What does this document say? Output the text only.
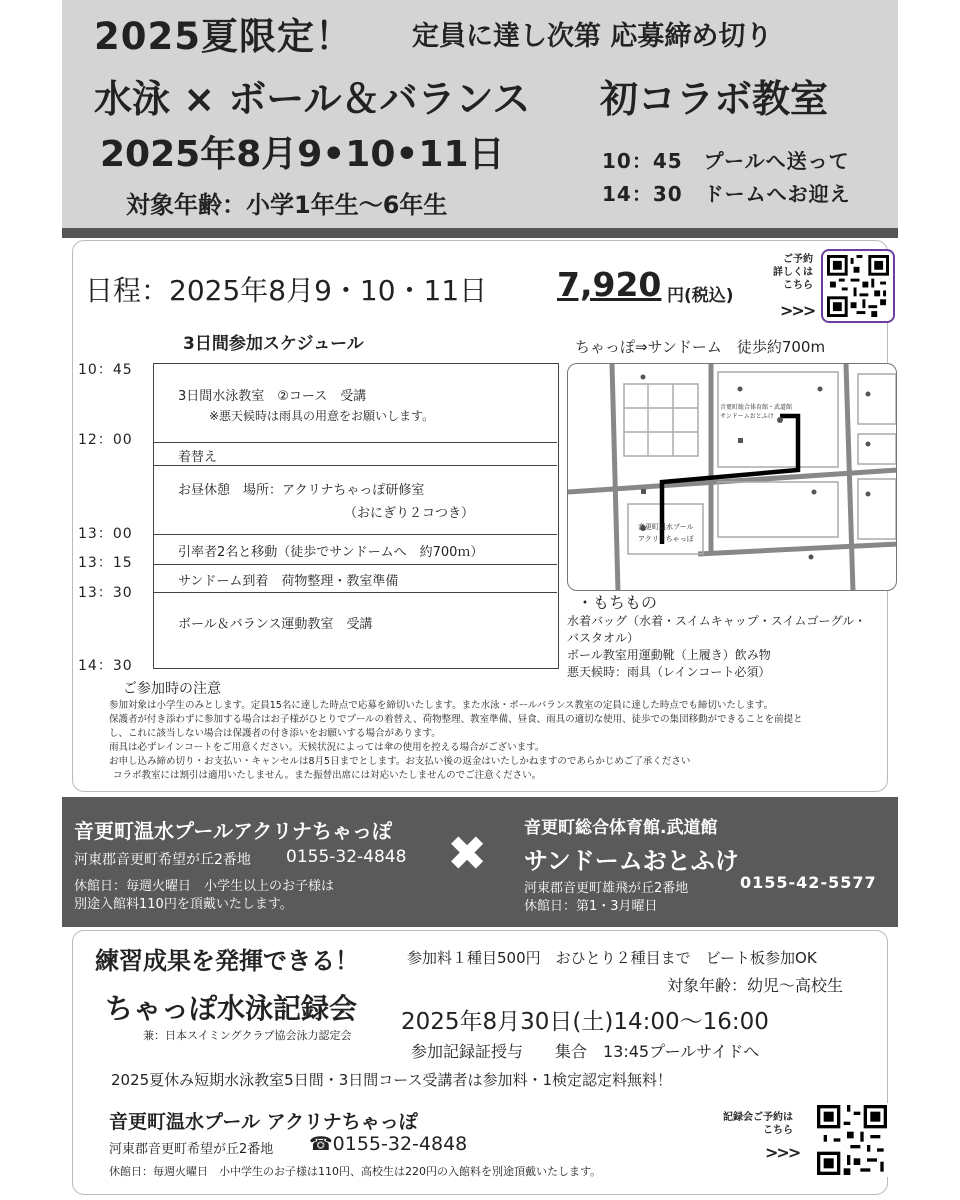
2025夏限定！ 定員に達し次第 応募締め切り
水泳 × ボール＆バランス 初コラボ教室
2025年8月9•10•11日
対象年齢：小学1年生～6年生
10：45　プールへ送って
14：30　ドームへお迎え
日程：2025年8月9・10・11日 7,920 円(税込)
ご予約
詳しくは
こちら
>>>
3日間参加スケジュール	ちゃっぽ⇒サンドーム　徒歩約700m
10：45
12：00
13：00
13：15
13：30
14：30
3日間水泳教室　②コース　受講
※悪天候時は雨具の用意をお願いします。
着替え
お昼休憩　場所：アクリナちゃっぽ研修室
（おにぎり２コつき）
引率者2名と移動（徒歩でサンドームへ　約700ｍ）
サンドーム到着　荷物整理・教室準備
ボール＆バランス運動教室　受講
音更町温水プール
アクリナちゃっぽ
音更町総合体育館・武道館
サンドームおとふけ
・もちもの
水着バッグ（水着・スイムキャップ・スイムゴーグル・
バスタオル）
ボール教室用運動靴（上履き）飲み物
悪天候時：雨具（レインコート必須）
ご参加時の注意
参加対象は小学生のみとします。定員15名に達した時点で応募を締切いたします。また水泳・ボールバランス教室の定員に達した時点でも締切いたします。
保護者が付き添わずに参加する場合はお子様がひとりでプールの着替え、荷物整理、教室準備、昼食、雨具の適切な使用、徒歩での集団移動ができることを前提と
し、これに該当しない場合は保護者の付き添いをお願いする場合があります。
雨具は必ずレインコートをご用意ください。天候状況によっては傘の使用を控える場合がございます。
お申し込み締め切り・お支払い・キャンセルは8月5日までとします。お支払い後の返金はいたしかねますのであらかじめご了承ください
コラボ教室には割引は適用いたしません。また振替出席には対応いたしませんのでご注意ください。
音更町温水プールアクリナちゃっぽ
河東郡音更町希望が丘2番地 0155-32-4848
休館日：毎週火曜日　小学生以上のお子様は
別途入館料110円を頂戴いたします。
✖ 音更町総合体育館.武道館
サンドームおとふけ
河東郡音更町雄飛が丘2番地	0155-42-5577
休館日：第1・3月曜日
練習成果を発揮できる！
ちゃっぽ水泳記録会
兼：日本スイミングクラブ協会泳力認定会
参加料１種目500円　おひとり２種目まで　ビート板参加OK
対象年齢：幼児～高校生
2025年8月30日(土)14:00～16:00
参加記録証授与　　集合　13:45プールサイドへ
2025夏休み短期水泳教室5日間・3日間コース受講者は参加料・1検定認定料無料！
音更町温水プール アクリナちゃっぽ
河東郡音更町希望が丘2番地 ☎0155-32-4848
休館日：毎週火曜日　小中学生のお子様は110円、高校生は220円の入館料を別途頂戴いたします。
記録会ご予約は
こちら
>>>
